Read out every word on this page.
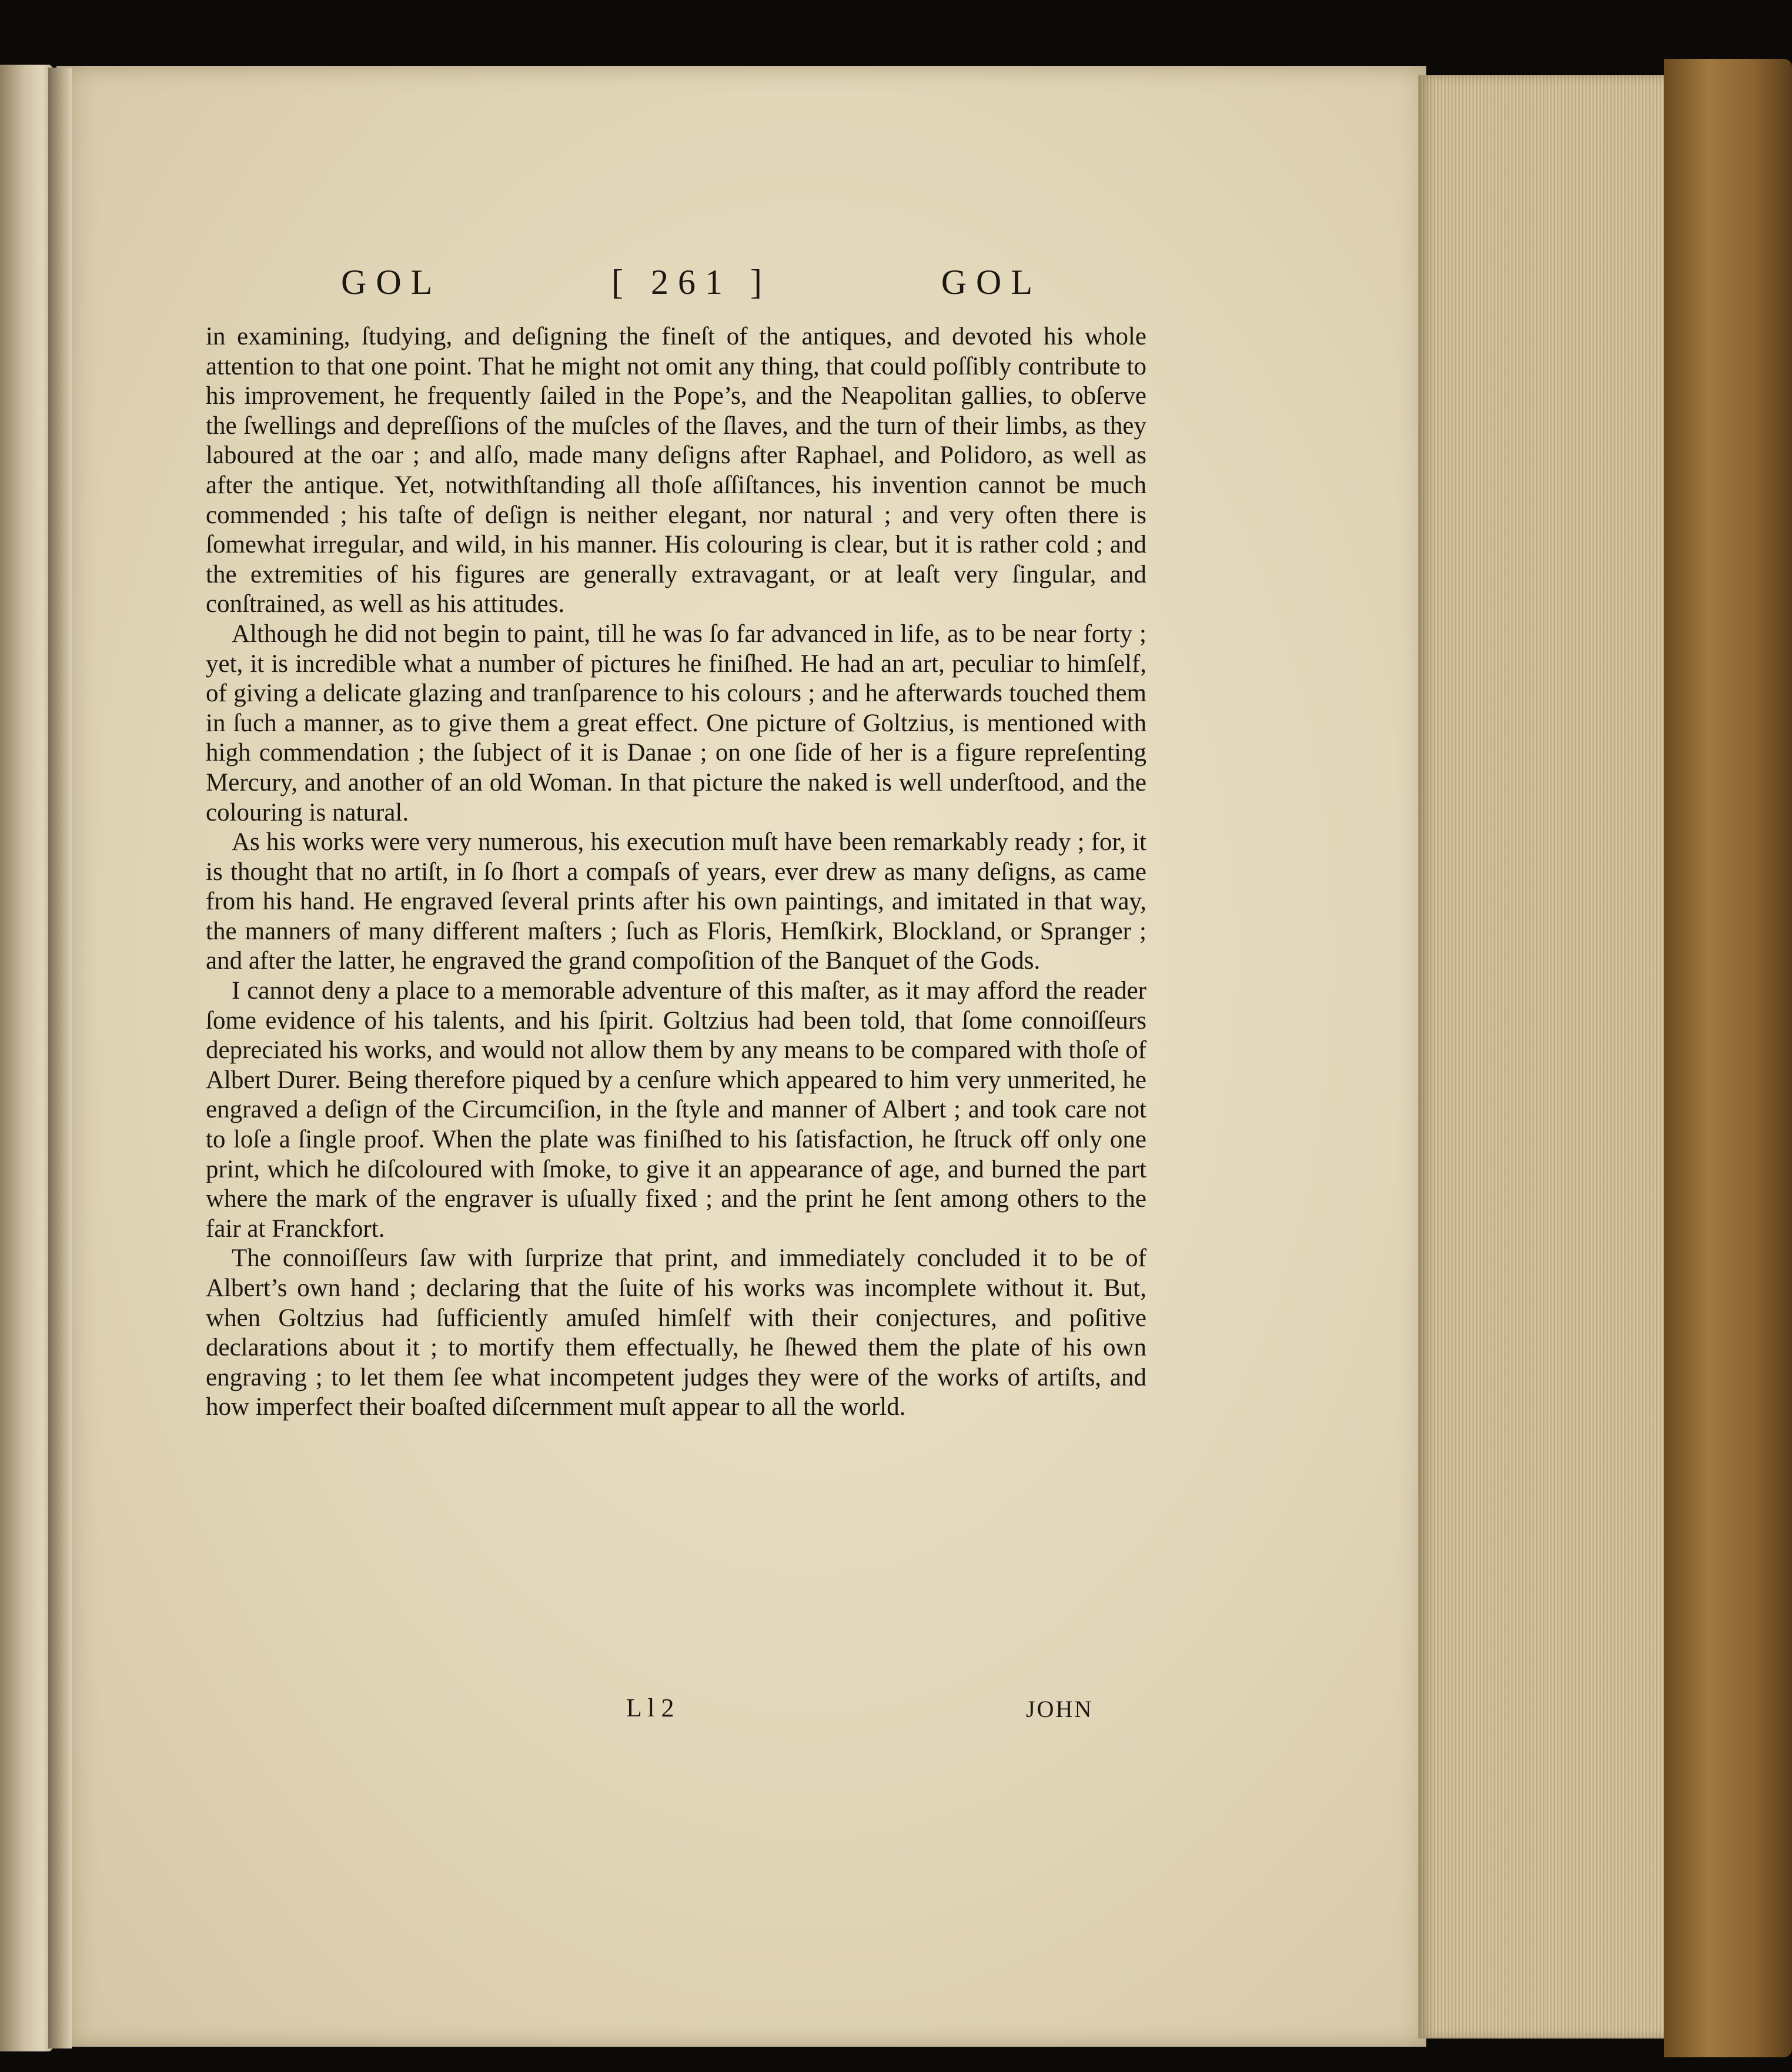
GOL	[ 261 ]	GOL

in examining, ſtudying, and deſigning the fineſt of the antiques, and devoted his whole attention to that one point. That he might not omit any thing, that could poſſibly contribute to his improvement, he frequently ſailed in the Pope’s, and the Neapolitan gallies, to obſerve the ſwellings and depreſſions of the muſcles of the ſlaves, and the turn of their limbs, as they laboured at the oar ; and alſo, made many deſigns after Raphael, and Polidoro, as well as after the antique. Yet, notwithſtanding all thoſe aſſiſtances, his invention cannot be much commended ; his taſte of deſign is neither elegant, nor natural ; and very often there is ſomewhat irregular, and wild, in his manner. His colouring is clear, but it is rather cold ; and the extremities of his figures are generally extravagant, or at leaſt very ſingular, and conſtrained, as well as his attitudes.

Although he did not begin to paint, till he was ſo far advanced in life, as to be near forty ; yet, it is incredible what a number of pictures he finiſhed. He had an art, peculiar to himſelf, of giving a delicate glazing and tranſparence to his colours ; and he afterwards touched them in ſuch a manner, as to give them a great effect. One picture of Goltzius, is mentioned with high commendation ; the ſubject of it is Danae ; on one ſide of her is a figure repreſenting Mercury, and another of an old Woman. In that picture the naked is well underſtood, and the colouring is natural.

As his works were very numerous, his execution muſt have been remarkably ready ; for, it is thought that no artiſt, in ſo ſhort a compaſs of years, ever drew as many deſigns, as came from his hand. He engraved ſeveral prints after his own paintings, and imitated in that way, the manners of many different maſters ; ſuch as Floris, Hemſkirk, Blockland, or Spranger ; and after the latter, he engraved the grand compoſition of the Banquet of the Gods.

I cannot deny a place to a memorable adventure of this maſter, as it may afford the reader ſome evidence of his talents, and his ſpirit. Goltzius had been told, that ſome connoiſſeurs depreciated his works, and would not allow them by any means to be compared with thoſe of Albert Durer. Being therefore piqued by a cenſure which appeared to him very unmerited, he engraved a deſign of the Circumciſion, in the ſtyle and manner of Albert ; and took care not to loſe a ſingle proof. When the plate was finiſhed to his ſatisfaction, he ſtruck off only one print, which he diſcoloured with ſmoke, to give it an appearance of age, and burned the part where the mark of the engraver is uſually fixed ; and the print he ſent among others to the fair at Franckfort.

The connoiſſeurs ſaw with ſurprize that print, and immediately concluded it to be of Albert’s own hand ; declaring that the ſuite of his works was incomplete without it. But, when Goltzius had ſufficiently amuſed himſelf with their conjectures, and poſitive declarations about it ; to mortify them effectually, he ſhewed them the plate of his own engraving ; to let them ſee what incompetent judges they were of the works of artiſts, and how imperfect their boaſted diſcernment muſt appear to all the world.

L l 2	JOHN
